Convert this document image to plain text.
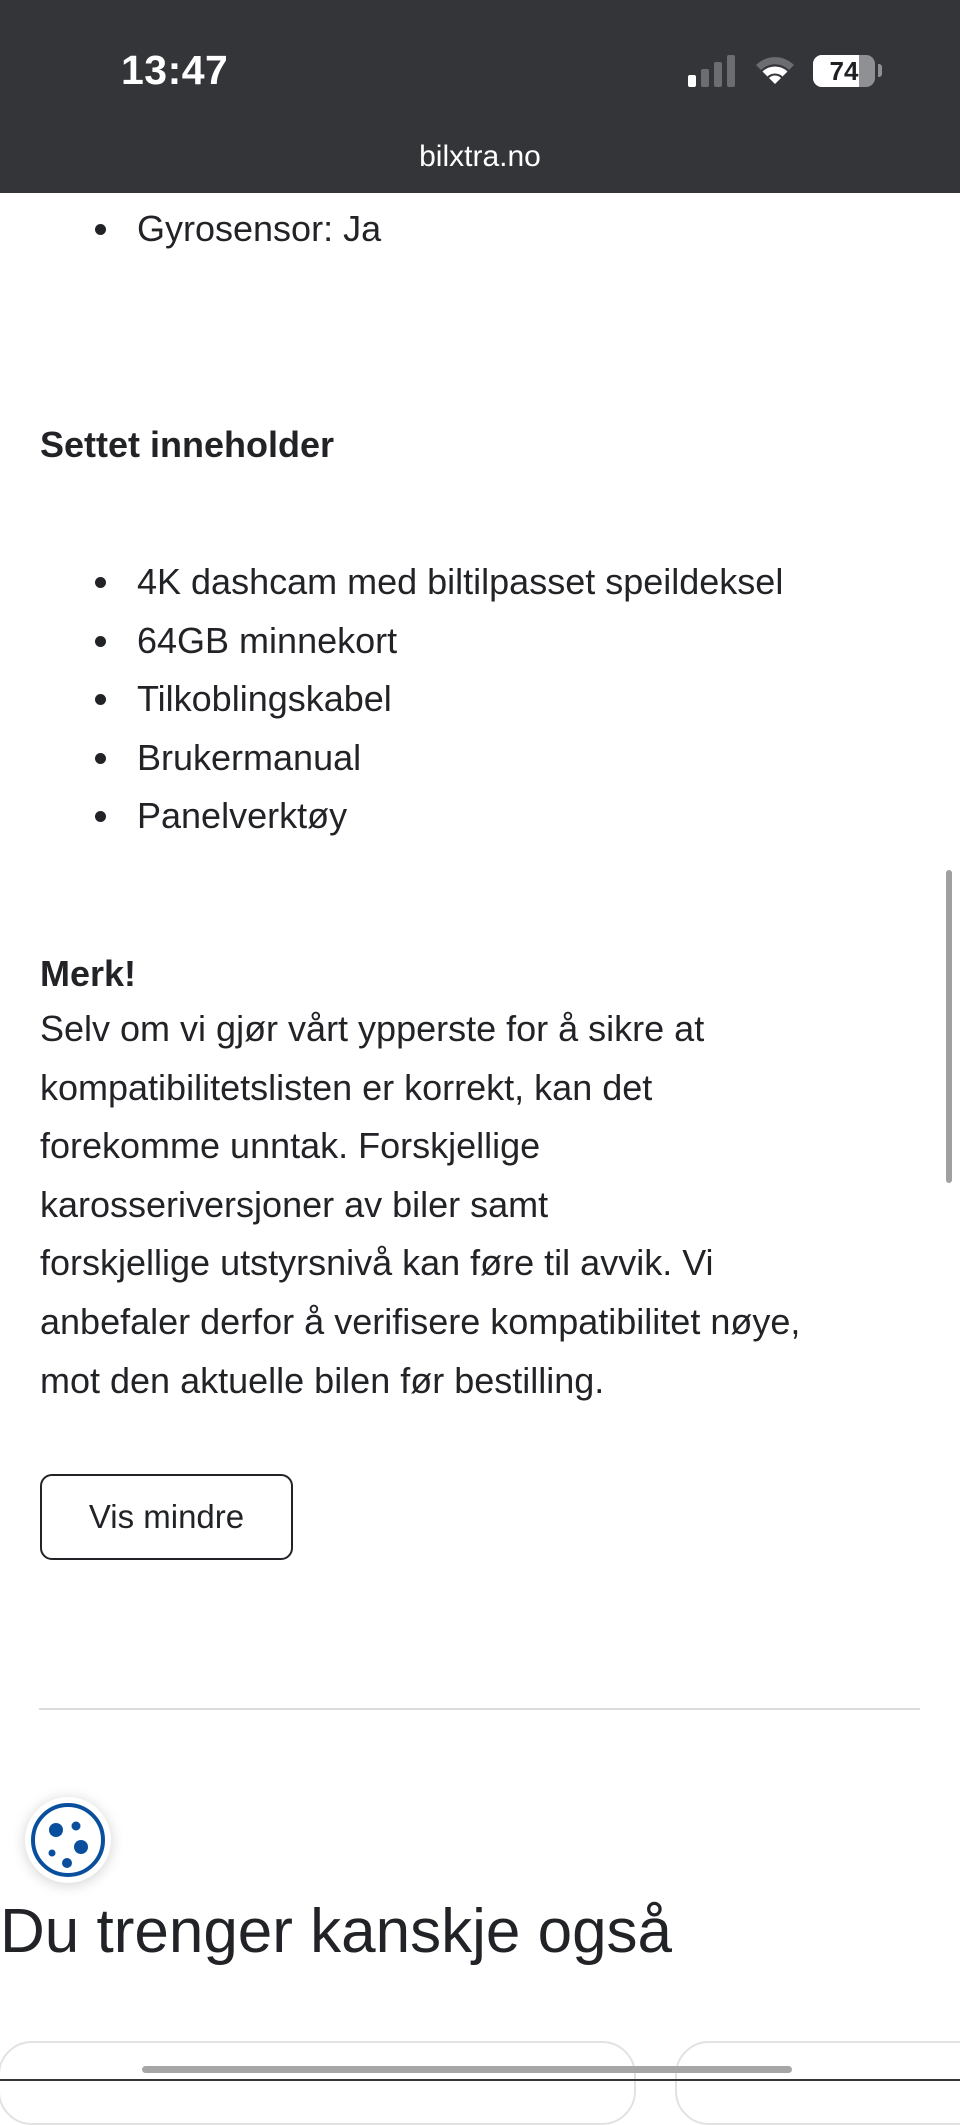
13:47	74
bilxtra.no
Gyrosensor: Ja
Settet inneholder
4K dashcam med biltilpasset speildeksel
64GB minnekort
Tilkoblingskabel
Brukermanual
Panelverktøy
Merk!
Selv om vi gjør vårt ypperste for å sikre at
kompatibilitetslisten er korrekt, kan det
forekomme unntak. Forskjellige
karosseriversjoner av biler samt
forskjellige utstyrsnivå kan føre til avvik. Vi
anbefaler derfor å verifisere kompatibilitet nøye,
mot den aktuelle bilen før bestilling.
Vis mindre
Du trenger kanskje også
